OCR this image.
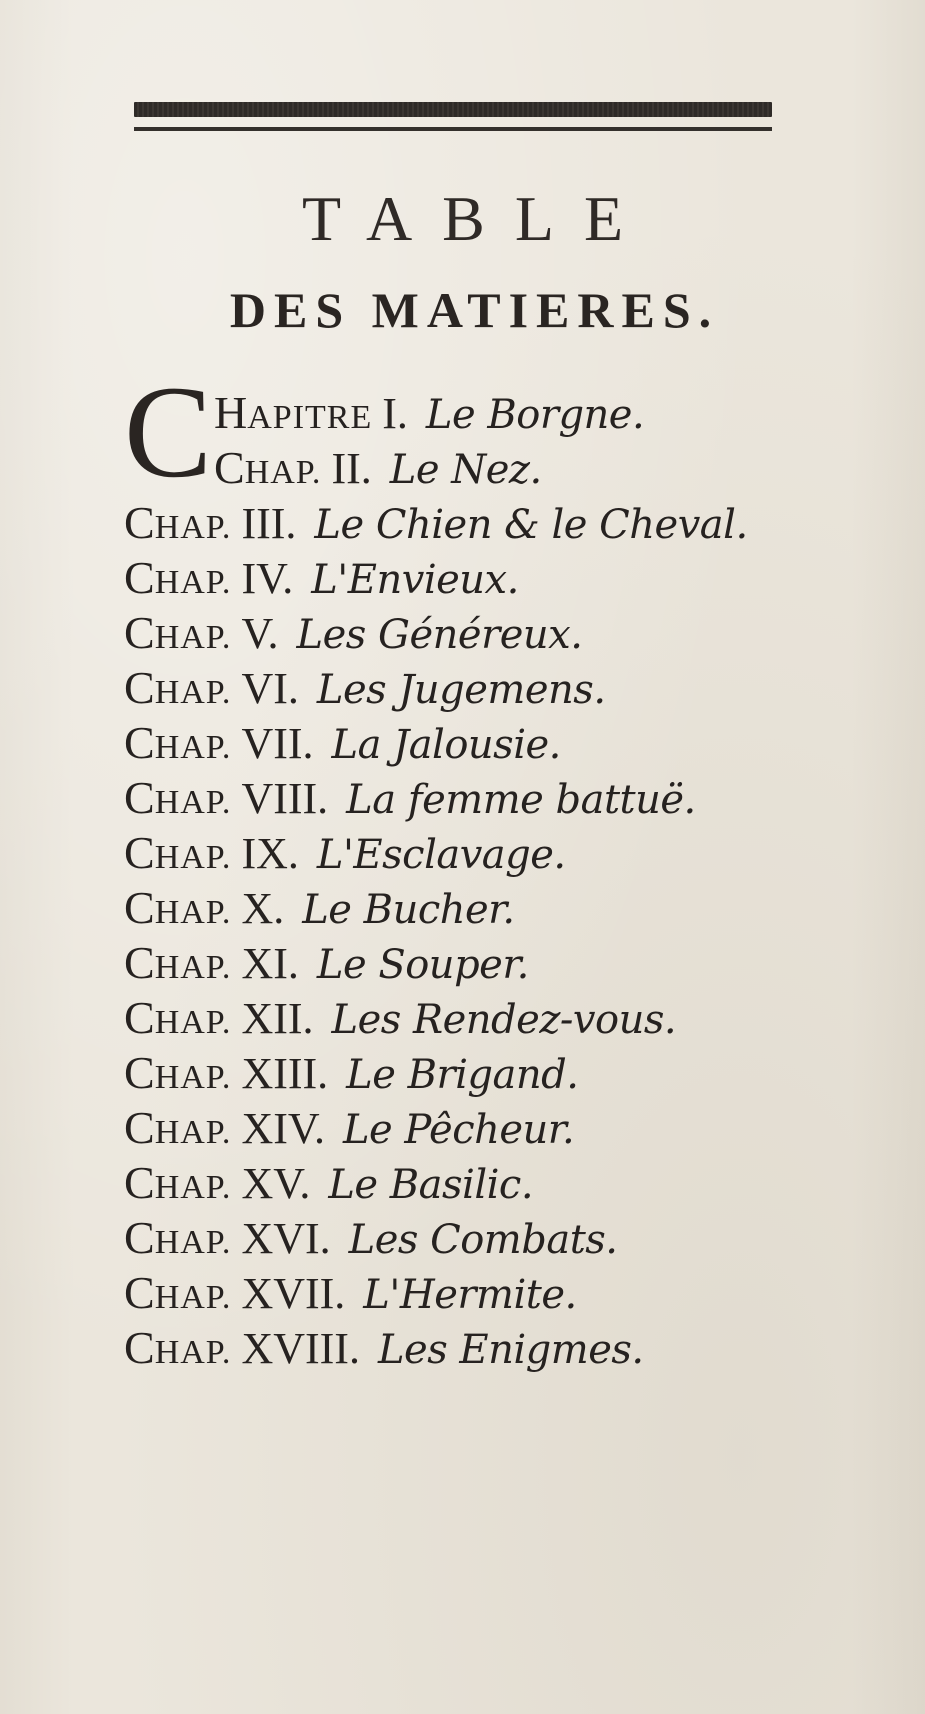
TABLE
DES MATIERES.
C HAPITRE I. Le Borgne.
CHAP. II. Le Nez.
CHAP. III. Le Chien & le Cheval.
CHAP. IV. L'Envieux.
CHAP. V. Les Généreux.
CHAP. VI. Les Jugemens.
CHAP. VII. La Jalousie.
CHAP. VIII. La femme battuë.
CHAP. IX. L'Esclavage.
CHAP. X. Le Bucher.
CHAP. XI. Le Souper.
CHAP. XII. Les Rendez-vous.
CHAP. XIII. Le Brigand.
CHAP. XIV. Le Pêcheur.
CHAP. XV. Le Basilic.
CHAP. XVI. Les Combats.
CHAP. XVII. L'Hermite.
CHAP. XVIII. Les Enigmes.
